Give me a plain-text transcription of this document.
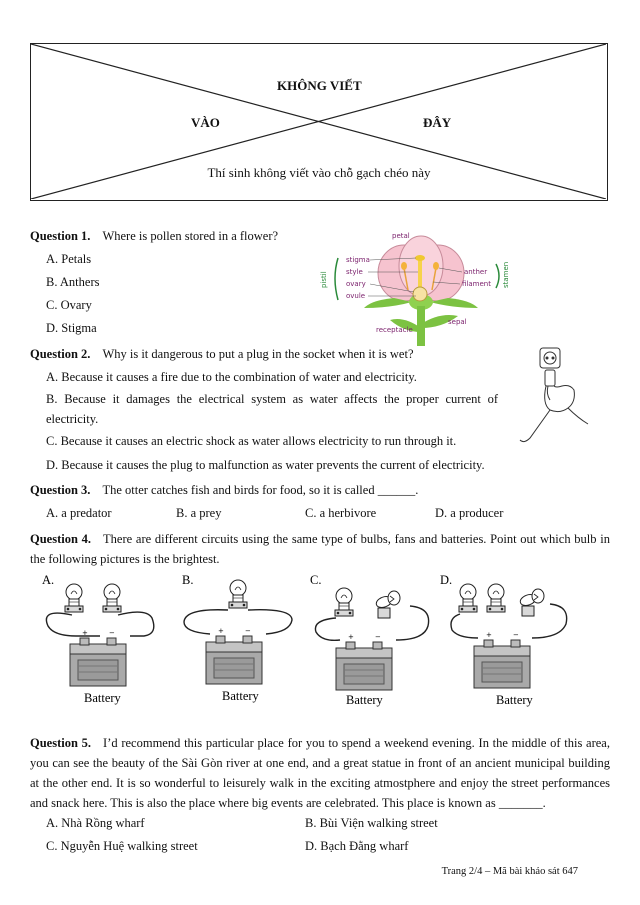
KHÔNG VIẾT
VÀO	ĐÂY
Thí sinh không viết vào chỗ gạch chéo này
Question 1. Where is pollen stored in a flower?
A. Petals
B. Anthers
C. Ovary
D. Stigma
petal
stigma
style
ovary
ovule
anther
filament
receptacle
sepal
pistil	stamen
Question 2. Why is it dangerous to put a plug in the socket when it is wet?
A. Because it causes a fire due to the combination of water and electricity.
B. Because it damages the electrical system as water affects the proper current of electricity.
C. Because it causes an electric shock as water allows electricity to run through it.
D. Because it causes the plug to malfunction as water prevents the current of electricity.
Question 3. The otter catches fish and birds for food, so it is called ______.
A. a predator	B. a prey	C. a herbivore	D. a producer
Question 4. There are different circuits using the same type of bulbs, fans and batteries. Point out which bulb in the following pictures is the brightest.
A.
Battery
B.
Battery
C.
Battery
D.
Battery
Question 5. I’d recommend this particular place for you to spend a weekend evening. In the middle of this area, you can see the beauty of the Sài Gòn river at one end, and a great statue in front of an ancient municipal building at the other end. It is so wonderful to leisurely walk in the exciting atmostphere and enjoy the street performances and snack here. This is also the place where big events are celebrated. This place is known as _______.
A. Nhà Rồng wharf	B. Bùi Viện walking street
C. Nguyễn Huệ walking street	D. Bạch Đằng wharf
Trang 2/4 – Mã bài khảo sát 647
